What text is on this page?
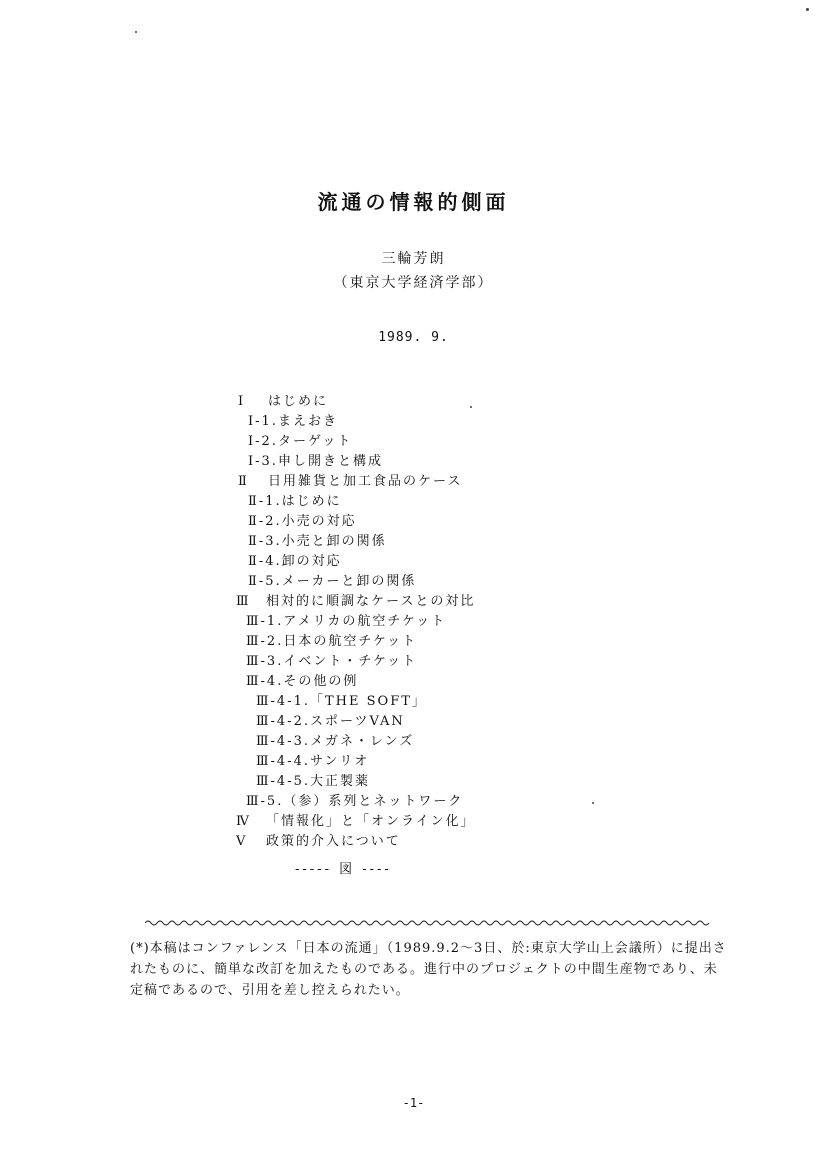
流通の情報的側面
三輪芳朗
（東京大学経済学部）
1989. 9.
Ⅰ はじめに
Ⅰ-1.まえおき
Ⅰ-2.ターゲット
Ⅰ-3.申し開きと構成
Ⅱ 日用雑貨と加工食品のケース
Ⅱ-1.はじめに
Ⅱ-2.小売の対応
Ⅱ-3.小売と卸の関係
Ⅱ-4.卸の対応
Ⅱ-5.メーカーと卸の関係
Ⅲ 相対的に順調なケースとの対比
Ⅲ-1.アメリカの航空チケット
Ⅲ-2.日本の航空チケット
Ⅲ-3.イベント・チケット
Ⅲ-4.その他の例
Ⅲ-4-1.「THE SOFT」
Ⅲ-4-2.スポーツVAN
Ⅲ-4-3.メガネ・レンズ
Ⅲ-4-4.サンリオ
Ⅲ-4-5.大正製薬
Ⅲ-5.（参）系列とネットワーク
Ⅳ 「情報化」と「オンライン化」
Ⅴ 政策的介入について
----- 図 ----
(*)本稿はコンファレンス「日本の流通」（1989.9.2～3日、於:東京大学山上会議所）に提出されたものに、簡単な改訂を加えたものである。進行中のプロジェクトの中間生産物であり、未定稿であるので、引用を差し控えられたい。
-1-
